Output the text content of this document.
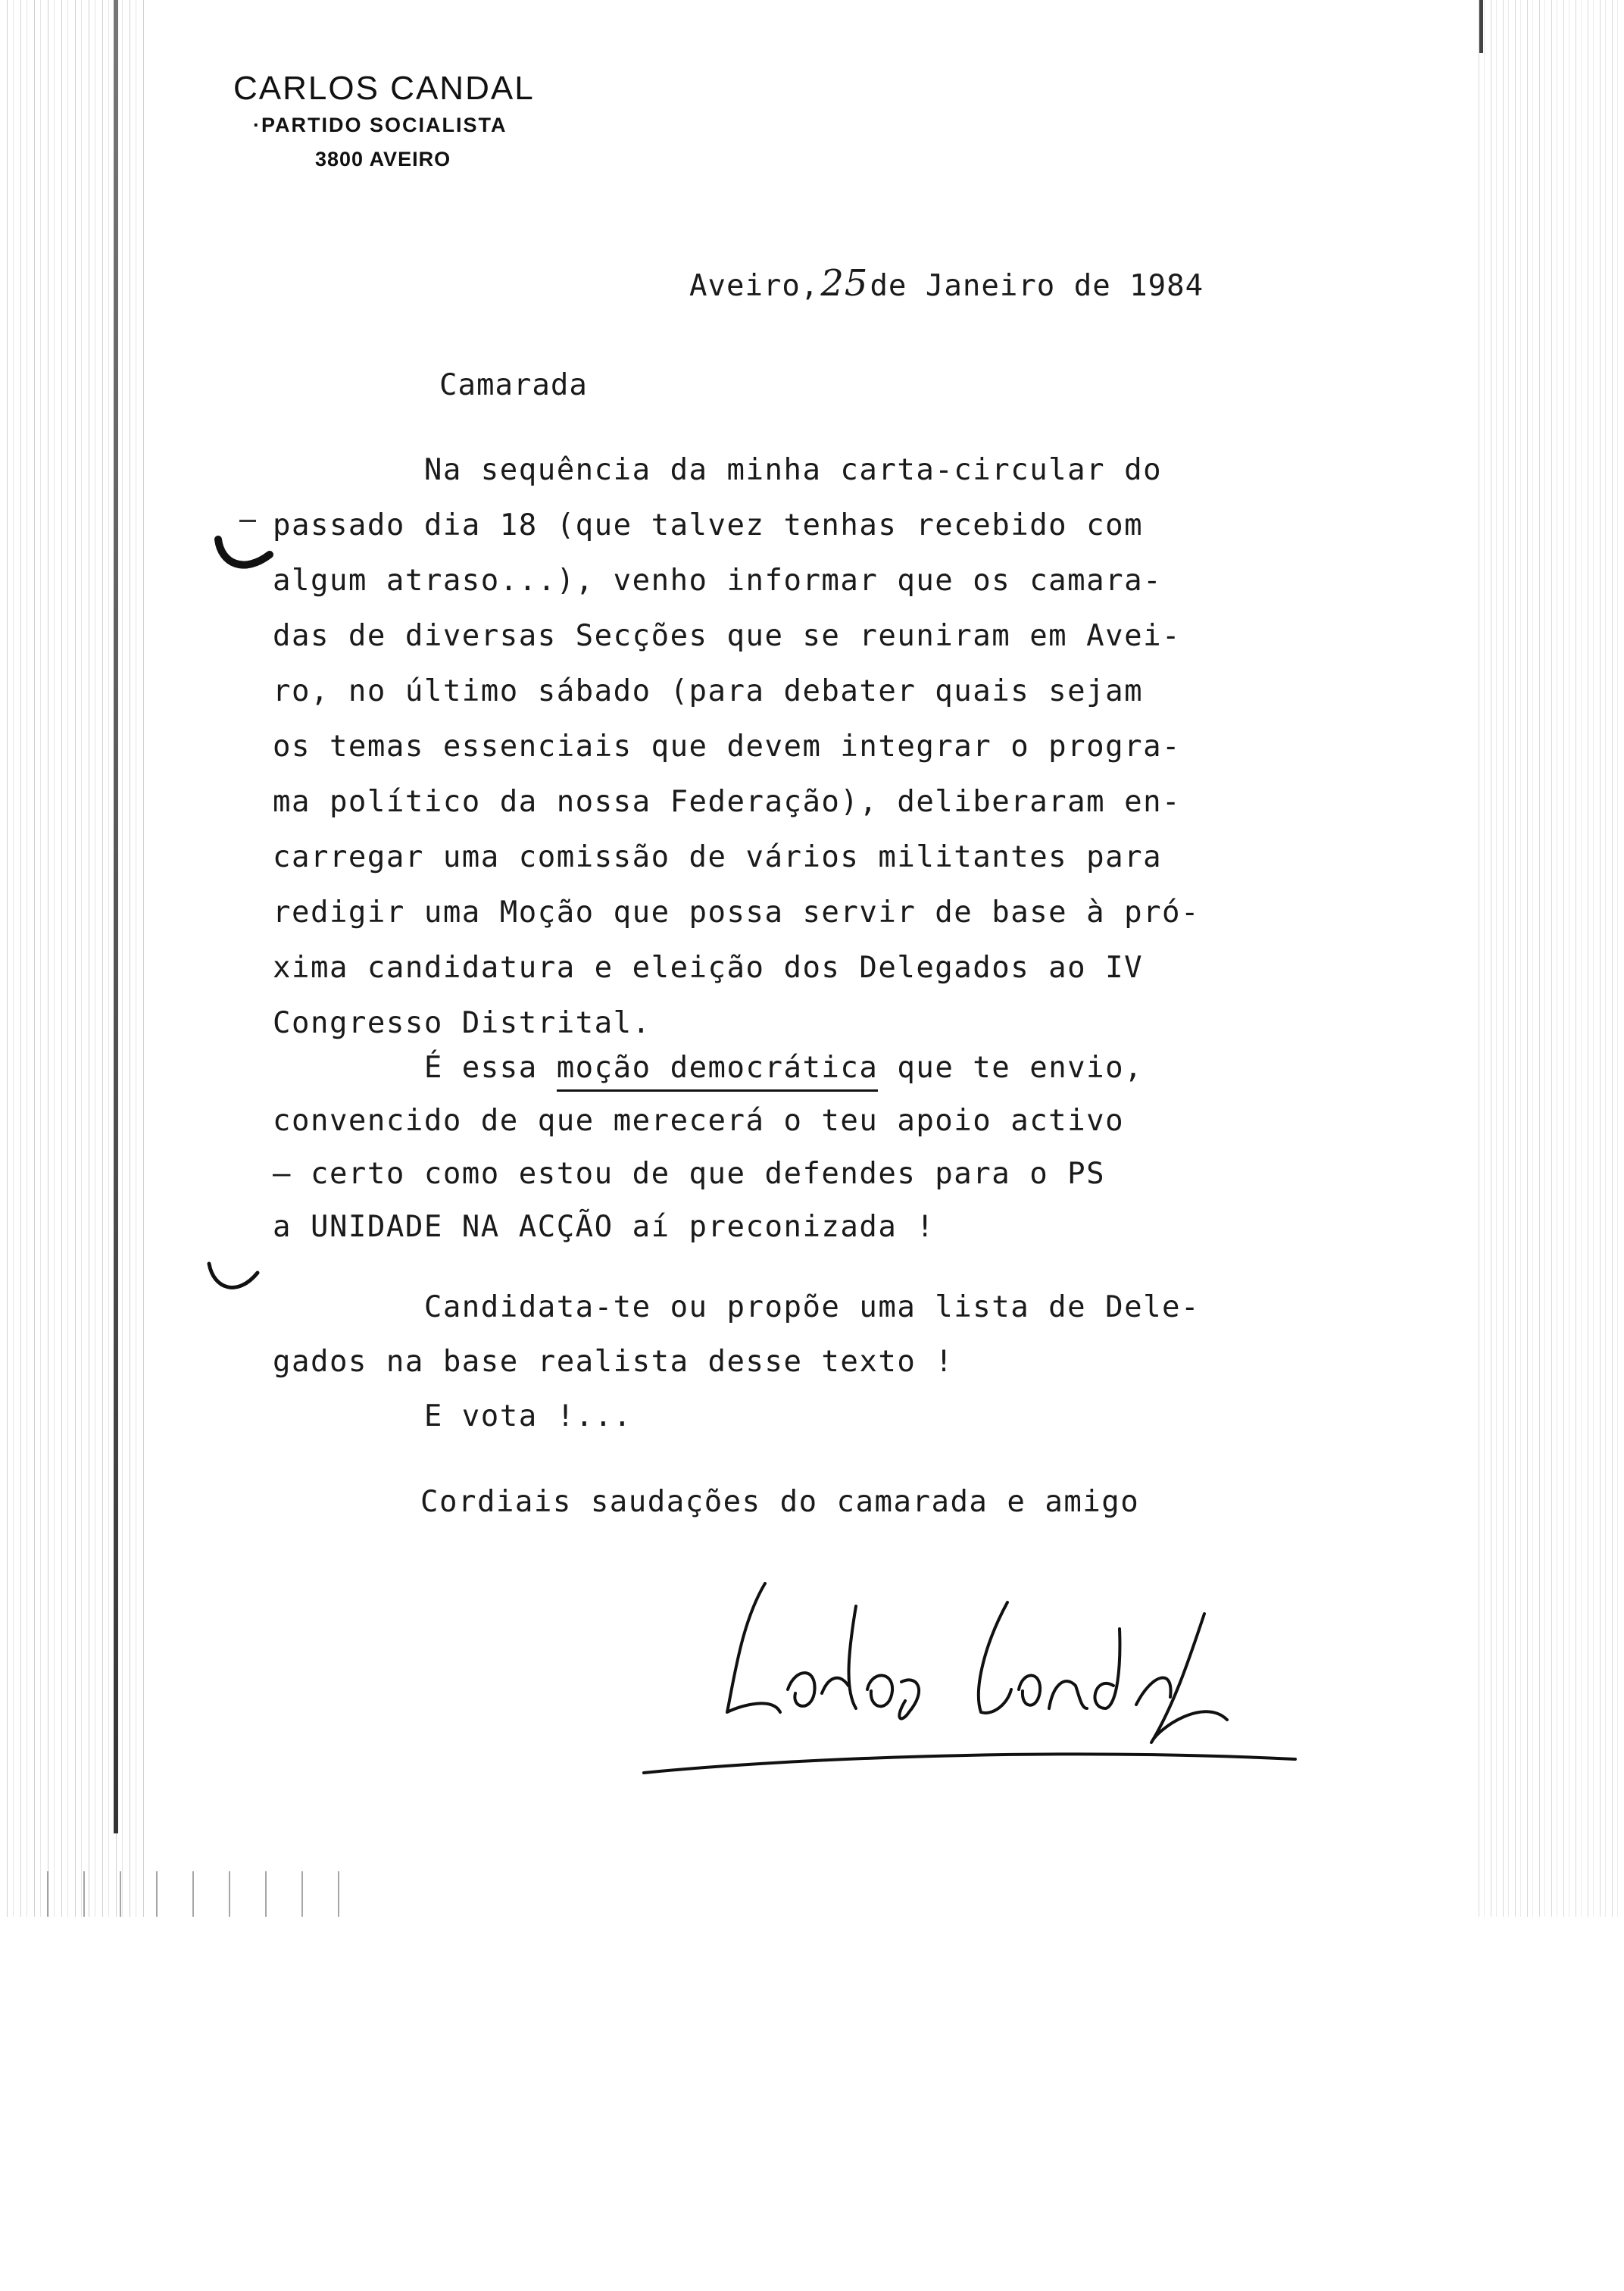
CARLOS CANDAL
·PARTIDO SOCIALISTA
3800 AVEIRO
Aveiro,25de Janeiro de 1984
Camarada
Na sequência da minha carta-circular do
passado dia 18 (que talvez tenhas recebido com
algum atraso...), venho informar que os camara-
das de diversas Secções que se reuniram em Avei-
ro, no último sábado (para debater quais sejam
os temas essenciais que devem integrar o progra-
ma político da nossa Federação), deliberaram en-
carregar uma comissão de vários militantes para
redigir uma Moção que possa servir de base à pró-
xima candidatura e eleição dos Delegados ao IV
Congresso Distrital.
É essa moção democrática que te envio,
convencido de que merecerá o teu apoio activo
— certo como estou de que defendes para o PS
a UNIDADE NA ACÇÃO aí preconizada !
Candidata-te ou propõe uma lista de Dele-
gados na base realista desse texto !
E vota !...
Cordiais saudações do camarada e amigo
